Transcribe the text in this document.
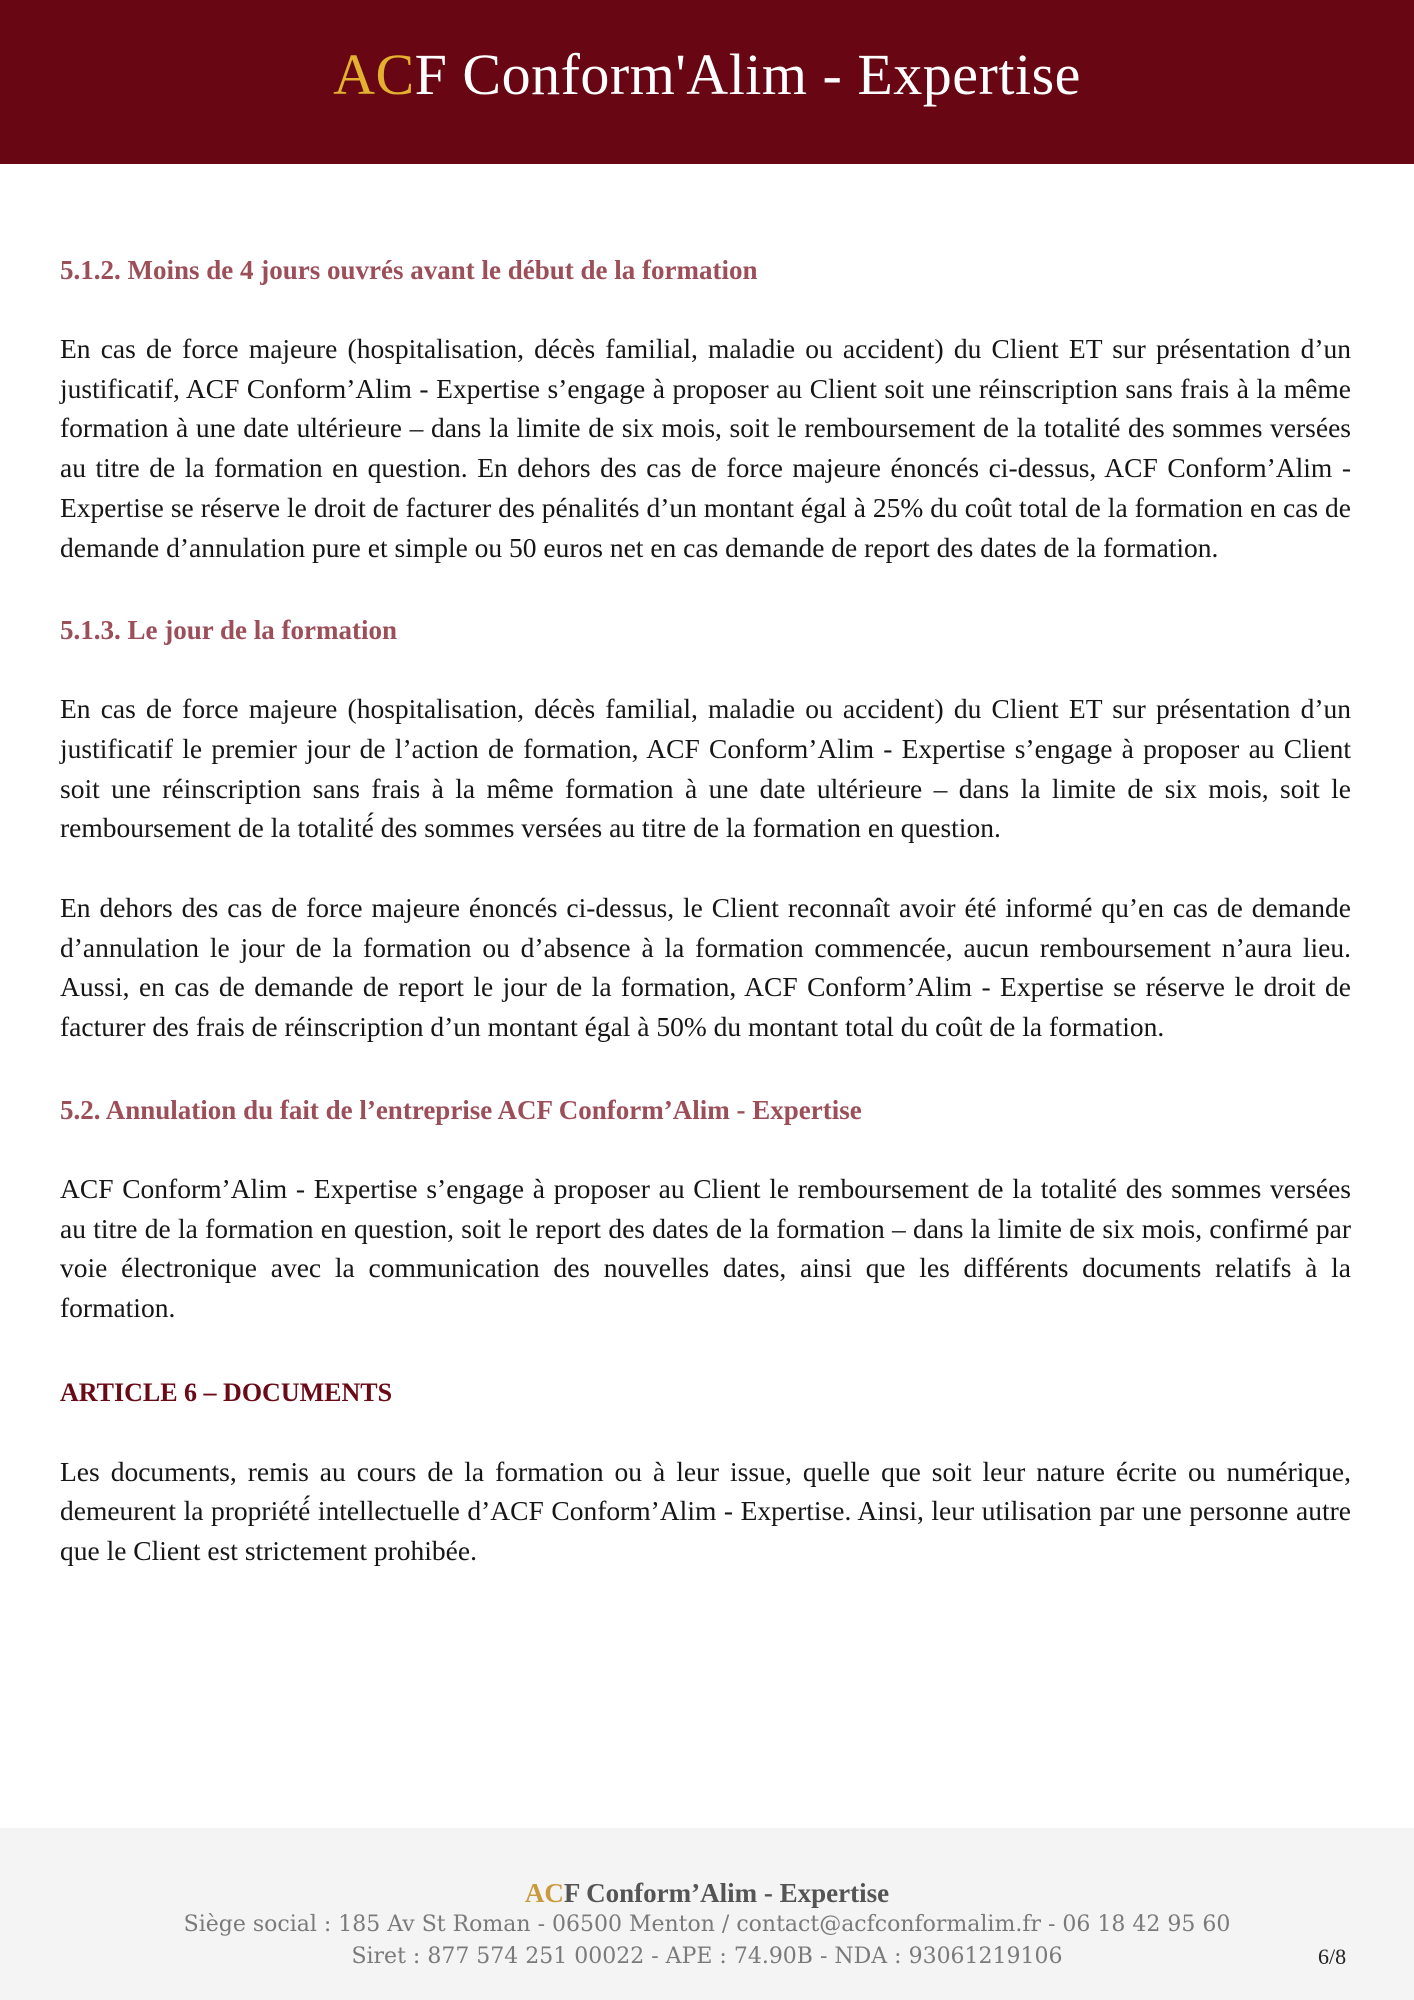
ACF Conform'Alim - Expertise
5.1.2. Moins de 4 jours ouvrés avant le début de la formation

En cas de force majeure (hospitalisation, décès familial, maladie ou accident) du Client ET sur présentation d’un justificatif, ACF Conform’Alim - Expertise s’engage à proposer au Client soit une réinscription sans frais à la même formation à une date ultérieure – dans la limite de six mois, soit le remboursement de la totalité des sommes versées au titre de la formation en question. En dehors des cas de force majeure énoncés ci-dessus, ACF Conform’Alim - Expertise se réserve le droit de facturer des pénalités d’un montant égal à 25% du coût total de la formation en cas de demande d’annulation pure et simple ou 50 euros net en cas demande de report des dates de la formation.

5.1.3. Le jour de la formation

En cas de force majeure (hospitalisation, décès familial, maladie ou accident) du Client ET sur présentation d’un justificatif le premier jour de l’action de formation, ACF Conform’Alim - Expertise s’engage à proposer au Client soit une réinscription sans frais à la même formation à une date ultérieure – dans la limite de six mois, soit le remboursement de la totalité́ des sommes versées au titre de la formation en question.

En dehors des cas de force majeure énoncés ci-dessus, le Client reconnaît avoir été informé qu’en cas de demande d’annulation le jour de la formation ou d’absence à la formation commencée, aucun remboursement n’aura lieu. Aussi, en cas de demande de report le jour de la formation, ACF Conform’Alim - Expertise se réserve le droit de facturer des frais de réinscription d’un montant égal à 50% du montant total du coût de la formation.

5.2. Annulation du fait de l’entreprise ACF Conform’Alim - Expertise

ACF Conform’Alim - Expertise s’engage à proposer au Client le remboursement de la totalité des sommes versées au titre de la formation en question, soit le report des dates de la formation – dans la limite de six mois, confirmé par voie électronique avec la communication des nouvelles dates, ainsi que les différents documents relatifs à la formation.

ARTICLE 6 – DOCUMENTS

Les documents, remis au cours de la formation ou à leur issue, quelle que soit leur nature écrite ou numérique, demeurent la propriété́ intellectuelle d’ACF Conform’Alim - Expertise. Ainsi, leur utilisation par une personne autre que le Client est strictement prohibée.

ACF Conform’Alim - Expertise
Siège social : 185 Av St Roman - 06500 Menton / contact@acfconformalim.fr - 06 18 42 95 60
Siret : 877 574 251 00022 - APE : 74.90B - NDA : 93061219106	6/8
